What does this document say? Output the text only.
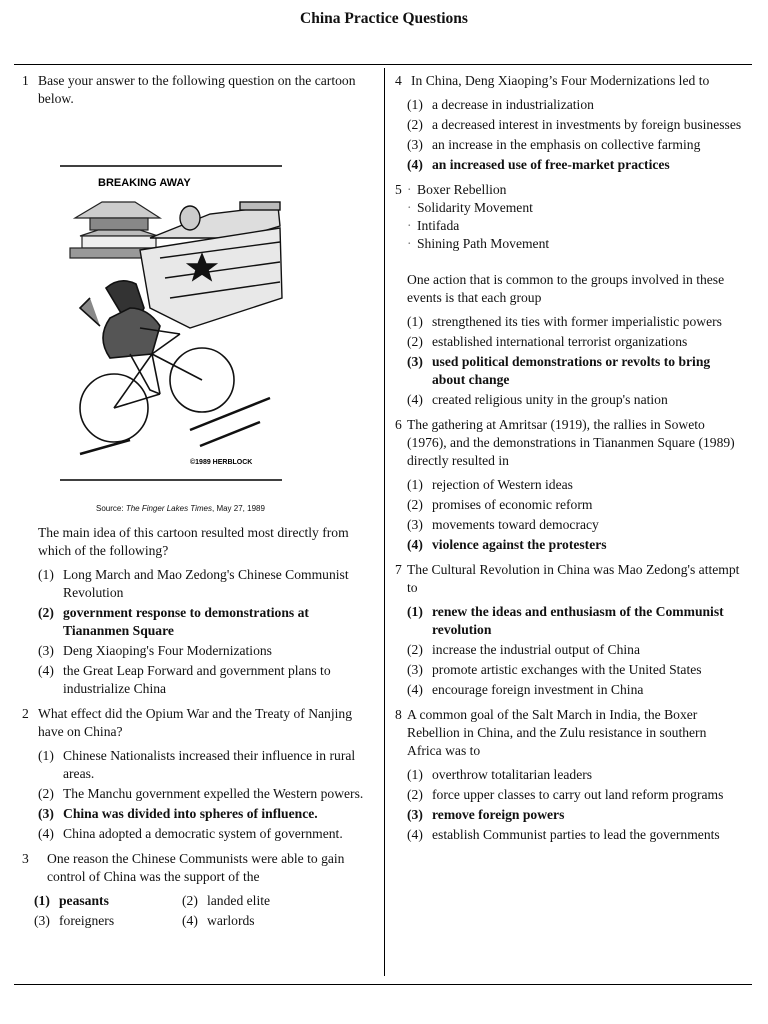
China Practice Questions
1 Base your answer to the following question on the cartoon below.
BREAKING AWAY
©1989 HERBLOCK
Source: The Finger Lakes Times, May 27, 1989
The main idea of this cartoon resulted most directly from which of the following?
(1) Long March and Mao Zedong's Chinese Communist Revolution
(2) government response to demonstrations at Tiananmen Square
(3) Deng Xiaoping's Four Modernizations
(4) the Great Leap Forward and government plans to industrialize China
2 What effect did the Opium War and the Treaty of Nanjing have on China?
(1) Chinese Nationalists increased their influence in rural areas.
(2) The Manchu government expelled the Western powers.
(3) China was divided into spheres of influence.
(4) China adopted a democratic system of government.
3	One reason the Chinese Communists were able to gain control of China was the support of the
(1) peasants	(2) landed elite
(3) foreigners	(4) warlords
4 In China, Deng Xiaoping’s Four Modernizations led to
(1) a decrease in industrialization
(2) a decreased interest in investments by foreign businesses
(3) an increase in the emphasis on collective farming
(4) an increased use of free-market practices
5 · Boxer Rebellion
· Solidarity Movement
· Intifada
· Shining Path Movement
One action that is common to the groups involved in these events is that each group
(1) strengthened its ties with former imperialistic powers
(2) established international terrorist organizations
(3) used political demonstrations or revolts to bring about change
(4) created religious unity in the group's nation
6 The gathering at Amritsar (1919), the rallies in Soweto (1976), and the demonstrations in Tiananmen Square (1989) directly resulted in
(1) rejection of Western ideas
(2) promises of economic reform
(3) movements toward democracy
(4) violence against the protesters
7 The Cultural Revolution in China was Mao Zedong's attempt to
(1) renew the ideas and enthusiasm of the Communist revolution
(2) increase the industrial output of China
(3) promote artistic exchanges with the United States
(4) encourage foreign investment in China
8 A common goal of the Salt March in India, the Boxer Rebellion in China, and the Zulu resistance in southern Africa was to
(1) overthrow totalitarian leaders
(2) force upper classes to carry out land reform programs
(3) remove foreign powers
(4) establish Communist parties to lead the governments
